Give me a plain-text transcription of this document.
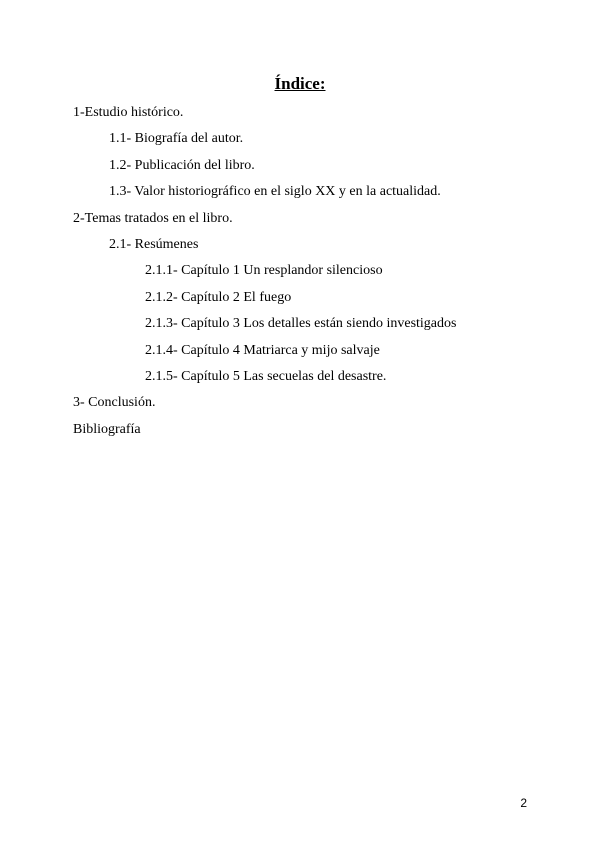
Índice:
1-Estudio histórico.
1.1- Biografía del autor.
1.2- Publicación del libro.
1.3- Valor historiográfico en el siglo XX y en la actualidad.
2-Temas tratados en el libro.
2.1- Resúmenes
2.1.1- Capítulo 1 Un resplandor silencioso
2.1.2- Capítulo 2 El fuego
2.1.3- Capítulo 3 Los detalles están siendo investigados
2.1.4- Capítulo 4 Matriarca y mijo salvaje
2.1.5- Capítulo 5 Las secuelas del desastre.
3- Conclusión.
Bibliografía
2
